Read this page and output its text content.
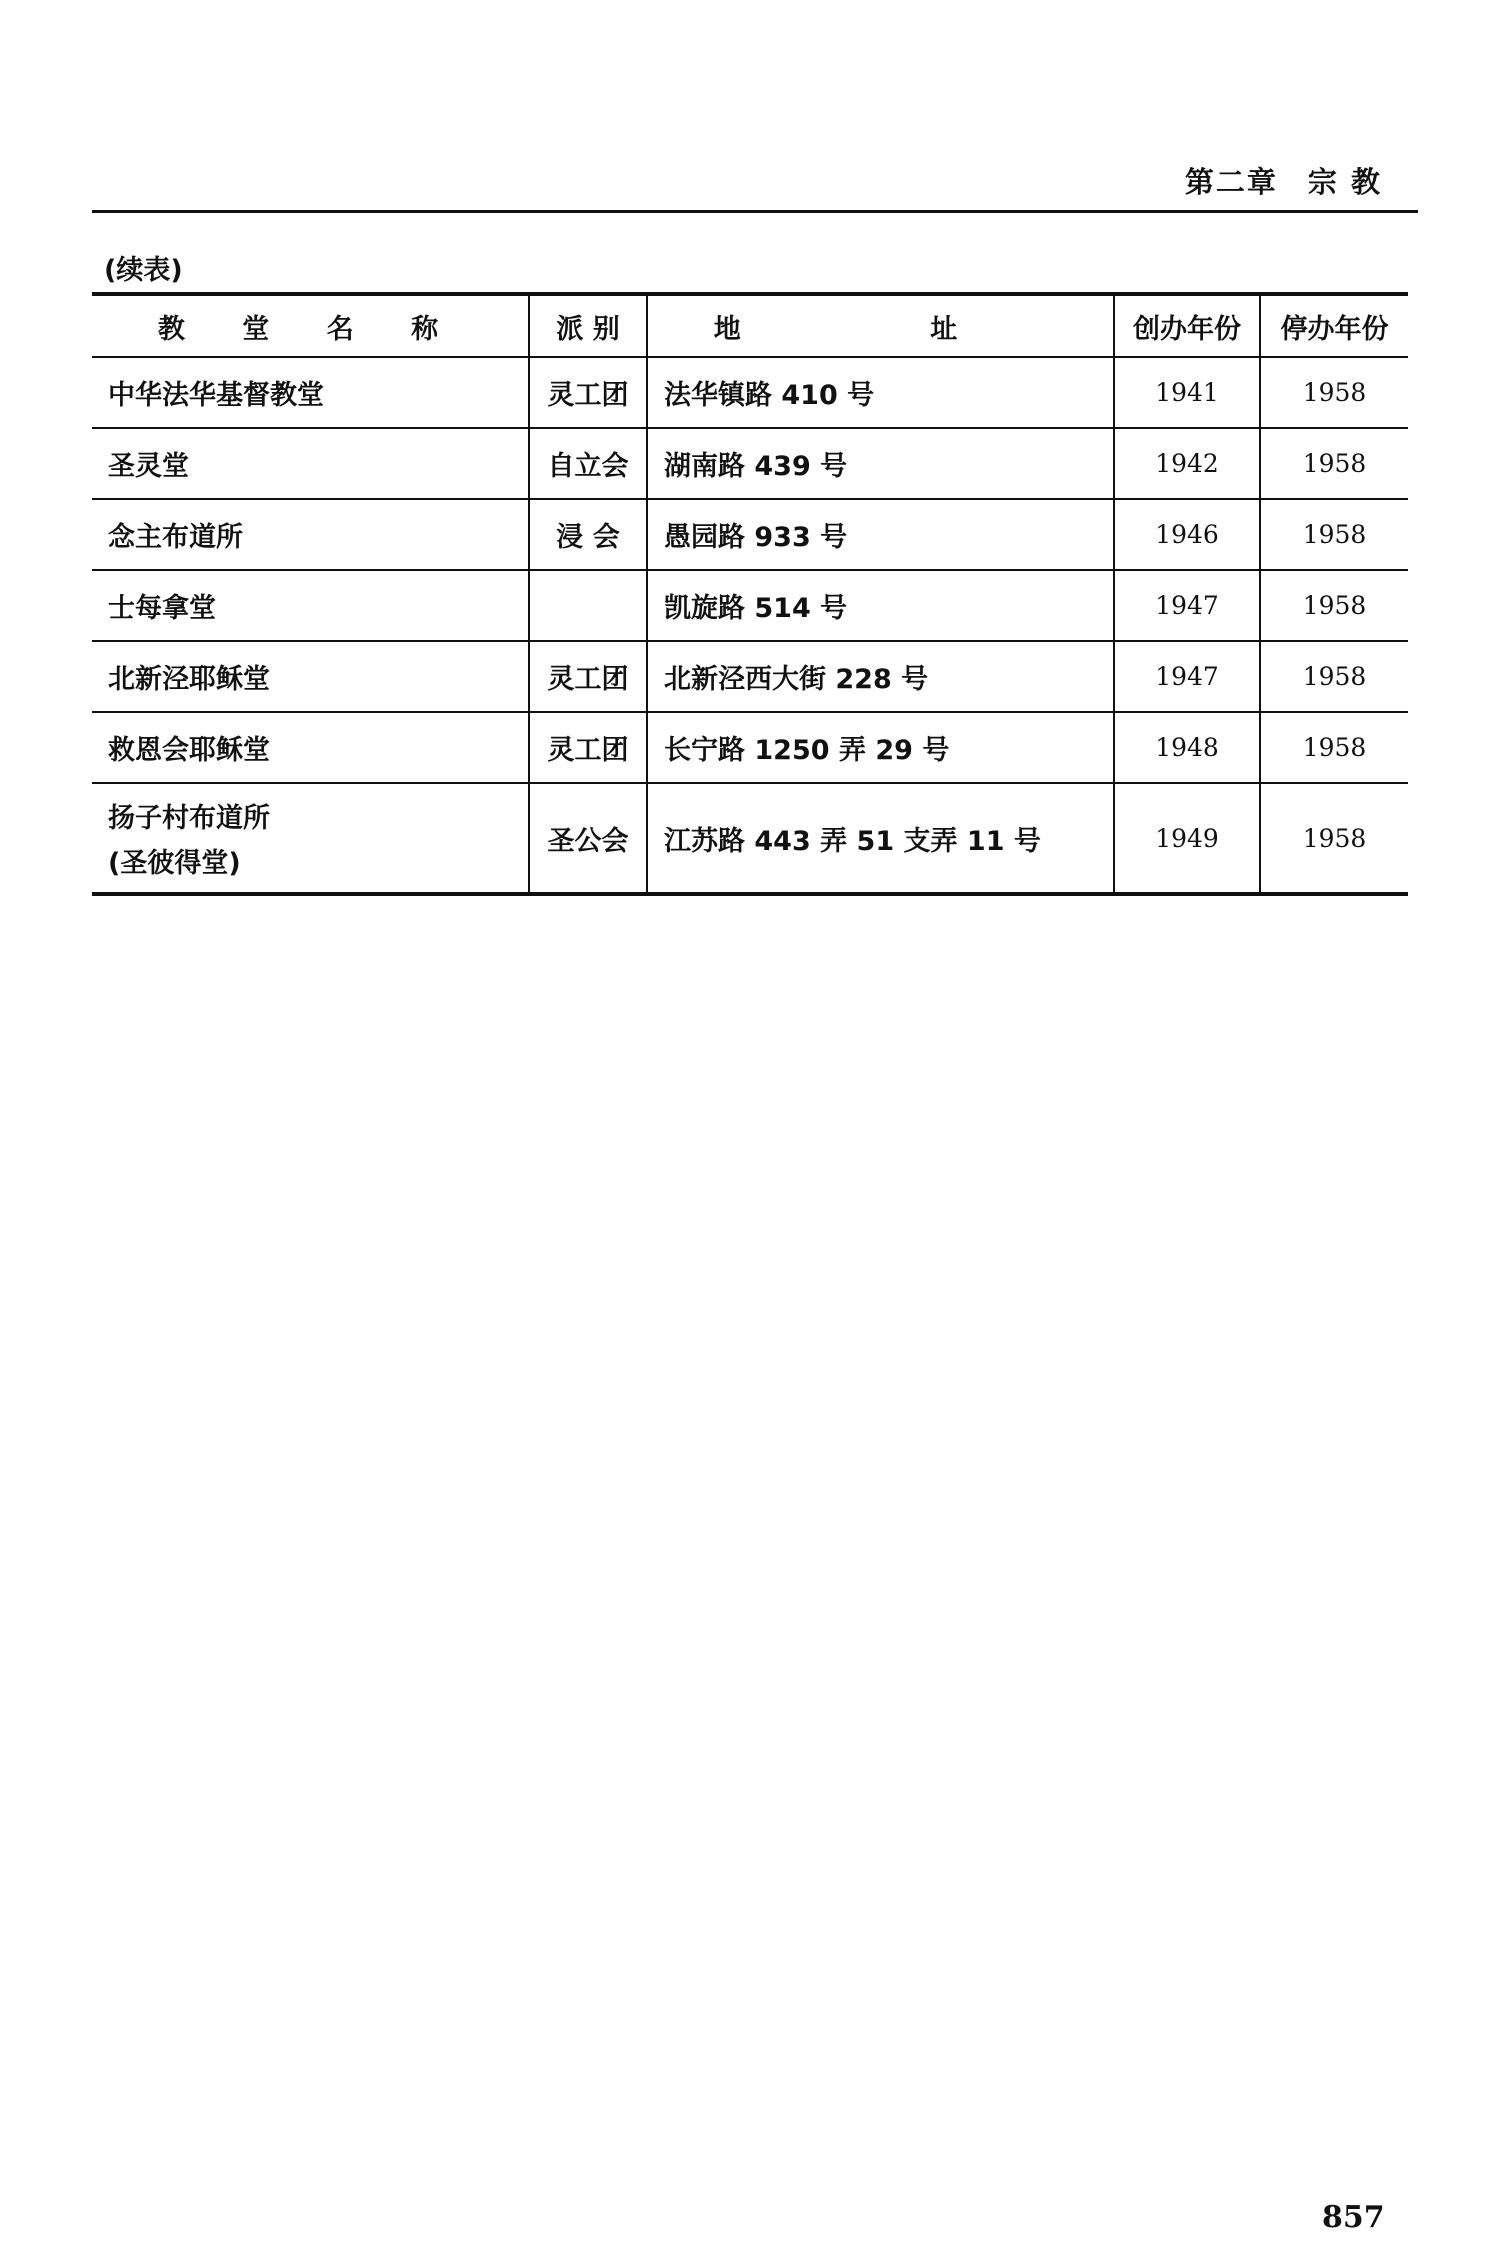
第二章 宗 教
(续表)
教 堂 名 称	派 别	地 址	创办年份	停办年份
中华法华基督教堂	灵工团	法华镇路 410 号	1941	1958
圣灵堂	自立会	湖南路 439 号	1942	1958
念主布道所	浸 会	愚园路 933 号	1946	1958
士每拿堂		凯旋路 514 号	1947	1958
北新泾耶稣堂	灵工团	北新泾西大街 228 号	1947	1958
救恩会耶稣堂	灵工团	长宁路 1250 弄 29 号	1948	1958
扬子村布道所
(圣彼得堂)	圣公会	江苏路 443 弄 51 支弄 11 号	1949	1958
857
